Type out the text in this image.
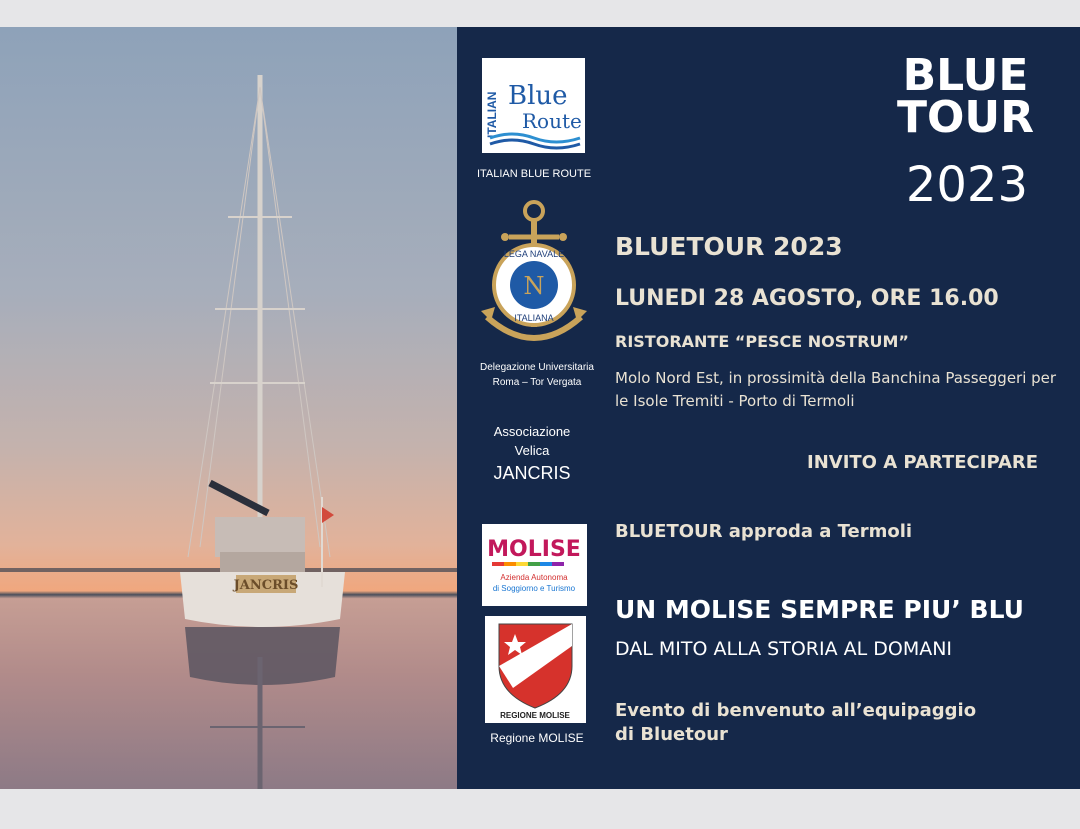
JANCRIS
BLUE
TOUR
2023
ITALIAN Blue
Route
ITALIAN BLUE ROUTE
N
LEGA NAVALE
ITALIANA
Delegazione Universitaria
Roma – Tor Vergata
Associazione
Velica
JANCRIS
MOLISE
Azienda Autonoma
di Soggiorno e Turismo
REGIONE MOLISE
Regione MOLISE
BLUETOUR 2023
LUNEDI 28 AGOSTO, ORE 16.00
RISTORANTE “PESCE NOSTRUM”
Molo Nord Est, in prossimità della Banchina Passeggeri per
le Isole Tremiti - Porto di Termoli
INVITO A PARTECIPARE
BLUETOUR approda a Termoli
UN MOLISE SEMPRE PIU’ BLU
DAL MITO ALLA STORIA AL DOMANI
Evento di benvenuto all’equipaggio
di Bluetour
